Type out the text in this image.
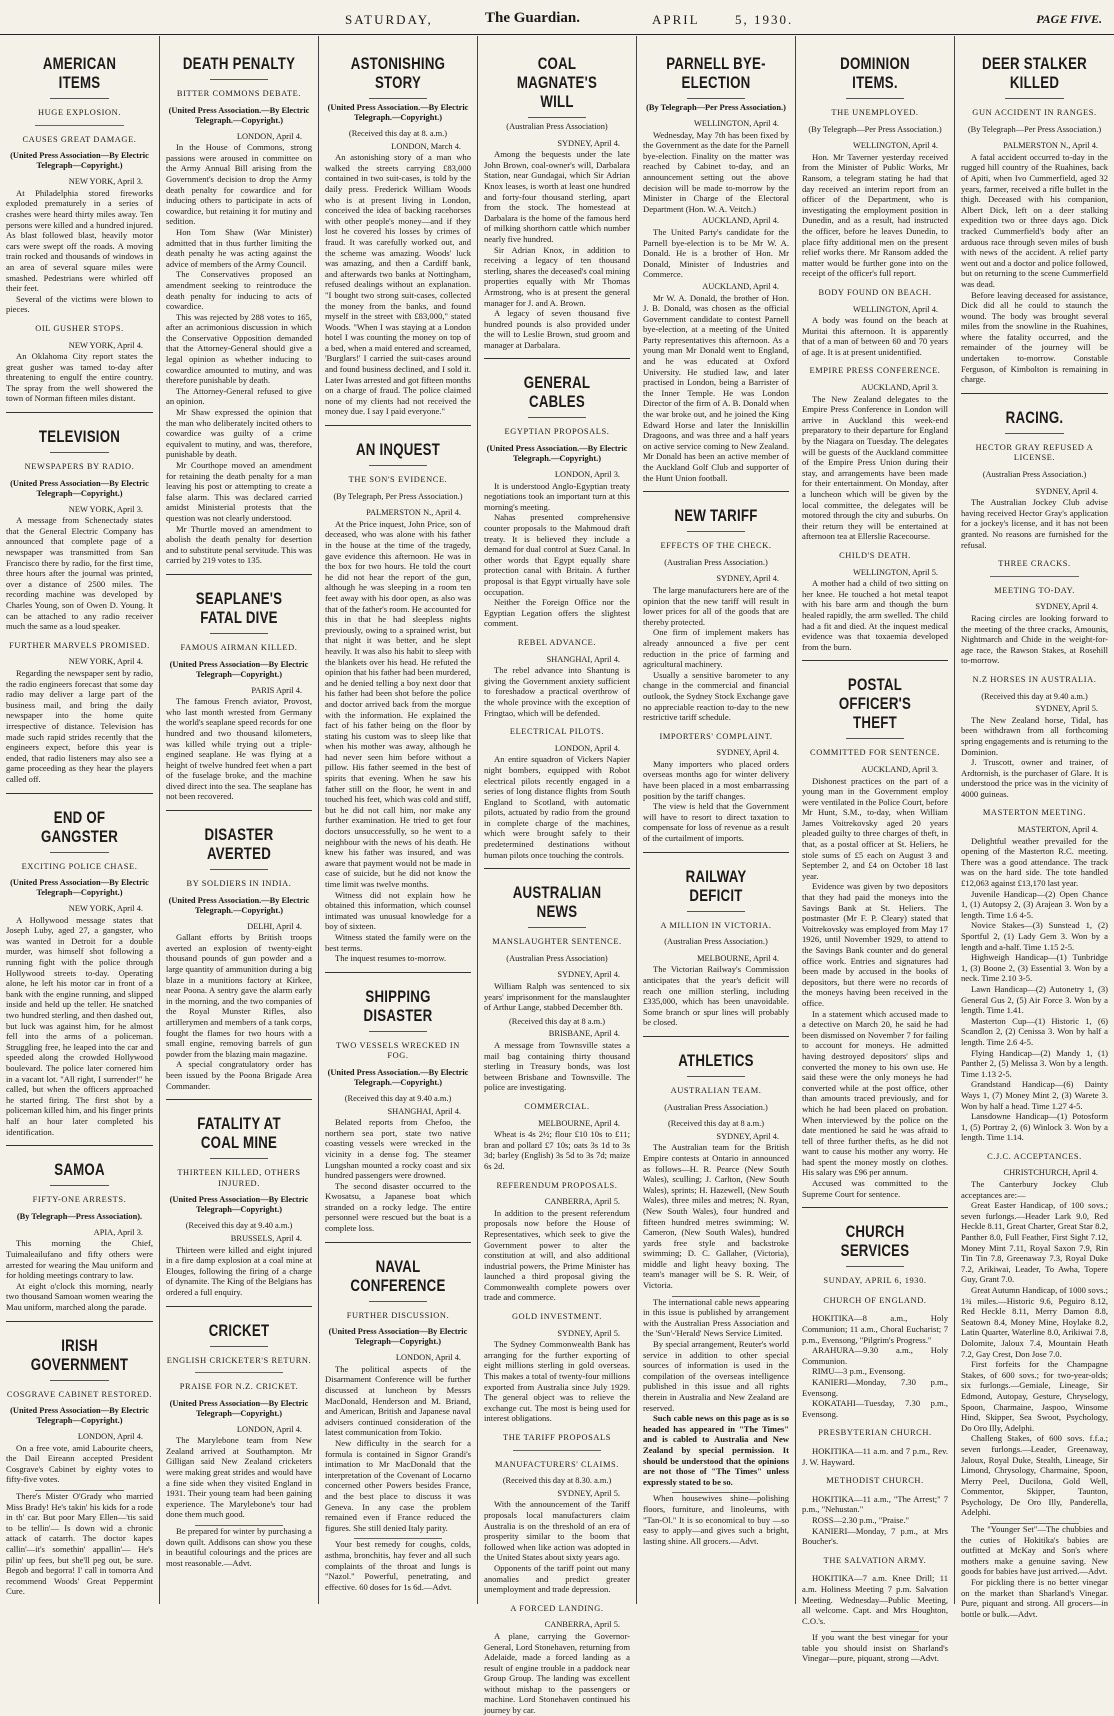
SATURDAY,	The Guardian.	APRIL	5, 1930.	PAGE FIVE.
AMERICAN ITEMS
HUGE EXPLOSION.
CAUSES GREAT DAMAGE.
(United Press Association—By Electric Telegraph—Copyright.)
NEW YORK, April 3.

At Philadelphia stored fireworks exploded prematurely in a series of crashes were heard thirty miles away. Ten persons were killed and a hundred injured. As blast followed blast, heavily motor cars were swept off the roads. A moving train rocked and thousands of windows in an area of several square miles were smashed. Pedestrians were whirled off their feet.

Several of the victims were blown to pieces.

OIL GUSHER STOPS.
NEW YORK, April 4.

An Oklahoma City report states the great gusher was tamed to-day after threatening to engulf the entire country. The spray from the well showered the town of Norman fifteen miles distant.

TELEVISION
NEWSPAPERS BY RADIO.
(United Press Association—By Electric Telegraph—Copyright.)
NEW YORK, April 3.

A message from Schenectady states that the General Electric Company has announced that complete page of a newspaper was transmitted from San Francisco there by radio, for the first time, three hours after the journal was printed, over a distance of 2500 miles. The recording machine was developed by Charles Young, son of Owen D. Young. It can be attached to any radio receiver much the same as a loud speaker.

FURTHER MARVELS PROMISED.
NEW YORK, April 4.

Regarding the newspaper sent by radio, the radio engineers forecast that some day radio may deliver a large part of the business mail, and bring the daily newspaper into the home quite irrespective of distance. Television has made such rapid strides recently that the engineers expect, before this year is ended, that radio listeners may also see a game proceeding as they hear the players called off.

END OF GANGSTER
EXCITING POLICE CHASE.
(United Press Association—By Electric Telegraph—Copyright.)
NEW YORK, April 4.

A Hollywood message states that Joseph Luby, aged 27, a gangster, who was wanted in Detroit for a double murder, was himself shot following a running fight with the police through Hollywood streets to-day. Operating alone, he left his motor car in front of a bank with the engine running, and slipped inside and held up the teller. He snatched two hundred sterling, and then dashed out, but luck was against him, for he almost fell into the arms of a policeman. Struggling free, he leaped into the car and speeded along the crowded Hollywood boulevard. The police later cornered him in a vacant lot. "All right, I surrender!" he called, but when the officers approached he started firing. The first shot by a policeman killed him, and his finger prints half an hour later completed his identification.

SAMOA
FIFTY-ONE ARRESTS.
(By Telegraph—Press Association).
APIA, April 3.

This morning the Chief, Tuimaleailufano and fifty others were arrested for wearing the Mau uniform and for holding meetings contrary to law.

At eight o'clock this morning, nearly two thousand Samoan women wearing the Mau uniform, marched along the parade.

IRISH GOVERNMENT
COSGRAVE CABINET RESTORED.
(United Press Association—By Electric Telegraph—Copyright.)
LONDON, April 4.

On a free vote, amid Labourite cheers, the Dail Eireann accepted President Cosgrave's Cabinet by eighty votes to fifty-five votes.

There's Mister O'Grady who married Miss Brady! He's takin' his kids for a rode in th' car. But poor Mary Ellen—'tis said to be tellin'— Is down wid a chronic attack of catarrh. The doctor kapes callin'—it's somethin' appallin'— He's pilin' up fees, but she'll peg out, be sure. Begob and begorra! I' call in tomorra And recommend Woods' Great Peppermint Cure.

DEATH PENALTY
BITTER COMMONS DEBATE.
(United Press Association.—By Electric Telegraph.—Copyright.)
LONDON, April 4.

In the House of Commons, strong passions were aroused in committee on the Army Annual Bill arising from the Government's decision to drop the Army death penalty for cowardice and for inducing others to participate in acts of cowardice, but retaining it for mutiny and sedition.

Hon Tom Shaw (War Minister) admitted that in thus further limiting the death penalty he was acting against the advice of members of the Army Council.

The Conservatives proposed an amendment seeking to reintroduce the death penalty for inducing to acts of cowardice.

This was rejected by 288 votes to 165, after an acrimonious discussion in which the Conservative Opposition demanded that the Attorney-General should give a legal opinion as whether inducing to cowardice amounted to mutiny, and was therefore punishable by death.

The Attorney-General refused to give an opinion.

Mr Shaw expressed the opinion that the man who deliberately incited others to cowardice was guilty of a crime equivalent to mutiny, and was, therefore, punishable by death.

Mr Courthope moved an amendment for retaining the death penalty for a man leaving his post or attempting to create a false alarm. This was declared carried amidst Ministerial protests that the question was not clearly understood.

Mr Thurtle moved an amendment to abolish the death penalty for desertion and to substitute penal servitude. This was carried by 219 votes to 135.

SEAPLANE'S FATAL DIVE
FAMOUS AIRMAN KILLED.
(United Press Association—By Electric Telegraph—Copyright.)
PARIS April 4.

The famous French aviator, Provost, who last month wrested from Germany the world's seaplane speed records for one hundred and two thousand kilometers, was killed while trying out a triple-engined seaplane. He was flying at a height of twelve hundred feet when a part of the fuselage broke, and the machine dived direct into the sea. The seaplane has not been recovered.

DISASTER AVERTED
BY SOLDIERS IN INDIA.
(United Press Association.—By Electric Telegraph.—Copyright.)
DELHI, April 4.

Gallant efforts by British troops averted an explosion of twenty-eight thousand pounds of gun powder and a large quantity of ammunition during a big blaze in a munitions factory at Kirkee, near Poona. A sentry gave the alarm early in the morning, and the two companies of the Royal Munster Rifles, also artillerymen and members of a tank corps, fought the flames for two hours with a small engine, removing barrels of gun powder from the blazing main magazine.

A special congratulatory order has been issued by the Poona Brigade Area Commander.

FATALITY AT COAL MINE
THIRTEEN KILLED, OTHERS INJURED.
(United Press Association—By Electric Telegraph—Copyright.)
(Received this day at 9.40 a.m.)
BRUSSELS, April 4.

Thirteen were killed and eight injured in a fire damp explosion at a coal mine at Elouges, following the firing of a charge of dynamite. The King of the Belgians has ordered a full enquiry.

CRICKET
ENGLISH CRICKETER'S RETURN.
PRAISE FOR N.Z. CRICKET.
(United Press Association—By Electric Telegraph—Copyright.)
LONDON, April 4.

The Marylebone team from New Zealand arrived at Southampton. Mr Gilligan said New Zealand cricketers were making great strides and would have a fine side when they visited England in 1931. Their young team had been gaining experience. The Marylebone's tour had done them much good.

Be prepared for winter by purchasing a down quilt. Addisons can show you these in beautiful colourings and the prices are most reasonable.—Advt.

ASTONISHING STORY
(United Press Association.—By Electric Telegraph.—Copyright.)
(Received this day at 8. a.m.)
LONDON, March 4.

An astonishing story of a man who walked the streets carrying £83,000 contained in two suit-cases, is told by the daily press. Frederick William Woods who is at present living in London, conceived the idea of backing racehorses with other people's money—and if they lost he covered his losses by crimes of fraud. It was carefully worked out, and the scheme was amazing. Woods' luck was amazing, and then a Cardiff bank, and afterwards two banks at Nottingham, refused dealings without an explanation. "I bought two strong suit-cases, collected the money from the banks, and found myself in the street with £83,000," stated Woods. "When I was staying at a London hotel I was counting the money on top of a bed, when a maid entered and screamed, 'Burglars!' I carried the suit-cases around and found business declined, and I sold it. Later Iwas arrested and got fifteen months on a charge of fraud. The police claimed none of my clients had not received the money due. I say I paid everyone."

AN INQUEST
THE SON'S EVIDENCE.
(By Telegraph, Per Press Association.)
PALMERSTON N., April 4.

At the Price inquest, John Price, son of deceased, who was alone with his father in the house at the time of the tragedy, gave evidence this afternoon. He was in the box for two hours. He told the court he did not hear the report of the gun, although he was sleeping in a room ten feet away with his door open, as also was that of the father's room. He accounted for this in that he had sleepless nights previously, owing to a sprained wrist, but that night it was better, and he slept heavily. It was also his habit to sleep with the blankets over his head. He refuted the opinion that his father had been murdered, and he denied telling a boy next door that his father had been shot before the police and doctor arrived back from the morgue with the information. He explained the fact of his father being on the floor by stating his custom was to sleep like that when his mother was away, although he had never seen him before without a pillow. His father seemed in the best of spirits that evening. When he saw his father still on the floor, he went in and touched his feet, which was cold and stiff, but he did not call him, nor make any further examination. He tried to get four doctors unsuccessfully, so he went to a neighbour with the news of his death. He knew his father was insured, and was aware that payment would not be made in case of suicide, but he did not know the time limit was twelve months.

Witness did not explain how he obtained this information, which counsel intimated was unusual knowledge for a boy of sixteen.

Witness stated the family were on the best terms.

The inquest resumes to-morrow.

SHIPPING DISASTER
TWO VESSELS WRECKED IN FOG.
(United Press Association.—By Electric Telegraph.—Copyright.)
(Received this day at 9.40 a.m.)
SHANGHAI, April 4.

Belated reports from Chefoo, the northern sea port, state two native coasting vessels were wrecked in the vicinity in a dense fog. The steamer Lungshan mounted a rocky coast and six hundred passengers were drowned.

The second disaster occurred to the Kwosatsu, a Japanese boat which stranded on a rocky ledge. The entire personnel were rescued but the boat is a complete loss.

NAVAL CONFERENCE
FURTHER DISCUSSION.
(United Press Association—By Electric Telegraph—Copyright.)
LONDON, April 4.

The political aspects of the Disarmament Conference will be further discussed at luncheon by Messrs MacDonald, Henderson and M. Briand, and American, British and Japanese naval advisers continued consideration of the latest communication from Tokio.

New difficulty in the search for a formula is contained in Signor Grandi's intimation to Mr MacDonald that the interpretation of the Covenant of Locarno concerned other Powers besides France, and the best place to discuss it was Geneva. In any case the problem remained even if France reduced the figures. She still denied Italy parity.

Your best remedy for coughs, colds, asthma, bronchitis, hay fever and all such complaints of the throat and lungs is "Nazol." Powerful, penetrating, and effective. 60 doses for 1s 6d.—Advt.

COAL MAGNATE'S WILL
(Australian Press Association)
SYDNEY, April 4.

Among the bequests under the late John Brown, coal-owner's will, Darbalara Station, near Gundagai, which Sir Adrian Knox leases, is worth at least one hundred and forty-four thousand sterling, apart from the stock. The homestead at Darbalara is the home of the famous herd of milking shorthorn cattle which number nearly five hundred.

Sir Adrian Knox, in addition to receiving a legacy of ten thousand sterling, shares the deceased's coal mining properties equally with Mr Thomas Armstrong, who is at present the general manager for J. and A. Brown.

A legacy of seven thousand five hundred pounds is also provided under the will to Leslie Brown, stud groom and manager at Darbalara.

GENERAL CABLES
EGYPTIAN PROPOSALS.
(United Press Association.—By Electric Telegraph.—Copyright.)
LONDON, April 3.

It is understood Anglo-Egyptian treaty negotiations took an important turn at this morning's meeting.

Nahas presented comprehensive counter proposals to the Mahmoud draft treaty. It is believed they include a demand for dual control at Suez Canal. In other words that Egypt equally share protection canal with Britain. A further proposal is that Egypt virtually have sole occupation.

Neither the Foreign Office nor the Egyptian Legation offers the slightest comment.

REBEL ADVANCE.
SHANGHAI, April 4.

The rebel advance into Shantung is giving the Government anxiety sufficient to foreshadow a practical overthrow of the whole province with the exception of Fringtao, which will be defended.

ELECTRICAL PILOTS.
LONDON, April 4.

An entire squadron of Vickers Napier night bombers, equipped with Robot electrical pilots recently engaged in a series of long distance flights from South England to Scotland, with automatic pilots, actuated by radio from the ground in complete charge of the machines, which were brought safely to their predetermined destinations without human pilots once touching the controls.

AUSTRALIAN NEWS
MANSLAUGHTER SENTENCE.
(Australian Press Association)
SYDNEY, April 4.

William Ralph was sentenced to six years' imprisonment for the manslaughter of Arthur Lange, stabbed December 8th.

(Received this day at 8 a.m.)
BRISBANE, April 4.

A message from Townsville states a mail bag containing thirty thousand sterling in Treasury bonds, was lost between Brisbane and Townsville. The police are investigating.

COMMERCIAL.
MELBOURNE, April 4.

Wheat is 4s 2½; flour £10 10s to £11; bran and pollard £7 10s; oats 3s 1d to 3s 3d; barley (English) 3s 5d to 3s 7d; maize 6s 2d.

REFERENDUM PROPOSALS.
CANBERRA, April 5.

In addition to the present referendum proposals now before the House of Representatives, which seek to give the Government power to alter the constitution at will, and also additional industrial powers, the Prime Minister has launched a third proposal giving the Commonwealth complete powers over trade and commerce.

GOLD INVESTMENT.
SYDNEY, April 5.

The Sydney Commonwealth Bank has arranging for the further exporting of eight millions sterling in gold overseas. This makes a total of twenty-four millions exported from Australia since July 1929. The general object was to relieve the exchange cut. The most is being used for interest obligations.

THE TARIFF PROPOSALS
MANUFACTURERS' CLAIMS.
(Received this day at 8.30. a.m.)
SYDNEY, April 5.

With the announcement of the Tariff proposals local manufacturers claim Australia is on the threshold of an era of prosperity similar to the boom that followed when like action was adopted in the United States about sixty years ago.

Opponents of the tariff point out many anomalies and predict greater unemployment and trade depression.

A FORCED LANDING.
CANBERRA, April 5.

A plane, carrying the Governor-General, Lord Stonehaven, returning from Adelaide, made a forced landing as a result of engine trouble in a paddock near Group Group. The landing was excellent without mishap to the passengers or machine. Lord Stonehaven continued his journey by car.

PARNELL BYE-ELECTION
(By Telegraph—Per Press Association.)
WELLINGTON, April 4.

Wednesday, May 7th has been fixed by the Government as the date for the Parnell bye-election. Finality on the matter was reached by Cabinet to-day, and an announcement setting out the above decision will be made to-morrow by the Minister in Charge of the Electoral Department (Hon. W. A. Veitch.)

AUCKLAND, April 4.

The United Party's candidate for the Parnell bye-election is to be Mr W. A. Donald. He is a brother of Hon. Mr Donald, Minister of Industries and Commerce.

AUCKLAND, April 4.

Mr W. A. Donald, the brother of Hon. J. B. Donald, was chosen as the official Government candidate to contest Parnell bye-election, at a meeting of the United Party representatives this afternoon. As a young man Mr Donald went to England, and he was educated at Oxford University. He studied law, and later practised in London, being a Barrister of the Inner Temple. He was London Director of the firm of A. B. Donald when the war broke out, and he joined the King Edward Horse and later the Inniskillin Dragoons, and was three and a half years on active service coming to New Zealand. Mr Donald has been an active member of the Auckland Golf Club and supporter of the Hunt Union football.

NEW TARIFF
EFFECTS OF THE CHECK.
(Australian Press Association.)
SYDNEY, April 4.

The large manufacturers here are of the opinion that the new tariff will result in lower prices for all of the goods that are thereby protected.

One firm of implement makers has already announced a five per cent reduction in the price of farming and agricultural machinery.

Usually a sensitive barometer to any change in the commercial and financial outlook, the Sydney Stock Exchange gave no appreciable reaction to-day to the new restrictive tariff schedule.

IMPORTERS' COMPLAINT.
SYDNEY, April 4.

Many importers who placed orders overseas months ago for winter delivery have been placed in a most embarrassing position by the tariff changes.

The view is held that the Government will have to resort to direct taxation to compensate for loss of revenue as a result of the curtailment of imports.

RAILWAY DEFICIT
A MILLION IN VICTORIA.
(Australian Press Association.)
MELBOURNE, April 4.

The Victorian Railway's Commission anticipates that the year's deficit will reach one million sterling, including £335,000, which has been unavoidable. Some branch or spur lines will probably be closed.

ATHLETICS
AUSTRALIAN TEAM.
(Australian Press Association.)
(Received this day at 8 a.m.)
SYDNEY, April 4.

The Australian team for the British Empire contests at Ontario in announced as follows—H. R. Pearce (New South Wales), sculling; J. Carlton, (New South Wales), sprints; H. Hazewell, (New South Wales), three miles and metres; N. Ryan, (New South Wales), four hundred and fifteen hundred metres swimming; W. Cameron, (New South Wales), hundred yards free style and backstroke swimming; D. C. Gallaher, (Victoria), middle and light heavy boxing. The team's manager will be S. R. Weir, of Victoria.

The international cable news appearing in this issue is published by arrangement with the Australian Press Association and the 'Sun'-'Herald' News Service Limited.

By special arrangement, Reuter's world service in addition to other special sources of information is used in the compilation of the overseas intelligence published in this issue and all rights therein in Australia and New Zealand are reserved.

Such cable news on this page as is so headed has appeared in "The Times" and is cabled to Australia and New Zealand by special permission. It should be understood that the opinions are not those of "The Times" unless expressly stated to be so.

When housewives shine—polishing floors, furniture, and linoleums, with "Tan-Ol." It is so economical to buy —so easy to apply—and gives such a bright, lasting shine. All grocers.—Advt.

DOMINION ITEMS.
THE UNEMPLOYED.
(By Telegraph—Per Press Association.)
WELLINGTON, April 4.

Hon. Mr Taverner yesterday received from the Minister of Public Works, Mr Ransom, a telegram stating he had that day received an interim report from an officer of the Department, who is investigating the employment position in Dunedin, and as a result, had instructed the officer, before he leaves Dunedin, to place fifty additional men on the present relief works there. Mr Ransom added the matter would be further gone into on the receipt of the officer's full report.

BODY FOUND ON BEACH.
WELLINGTON, April 4.

A body was found on the beach at Muritai this afternoon. It is apparently that of a man of between 60 and 70 years of age. It is at present unidentified.

EMPIRE PRESS CONFERENCE.
AUCKLAND, April 3.

The New Zealand delegates to the Empire Press Conference in London will arrive in Auckland this week-end preparatory to their departure for England by the Niagara on Tuesday. The delegates will be guests of the Auckland committee of the Empire Press Union during their stay, and arrangements have been made for their entertainment. On Monday, after a luncheon which will be given by the local committee, the delegates will be motored through the city and suburbs. On their return they will be entertained at afternoon tea at Ellerslie Racecourse.

CHILD'S DEATH.
WELLINGTON, April 5.

A mother had a child of two sitting on her knee. He touched a hot metal teapot with his bare arm and though the burn healed rapidly, the arm swelled. The child had a fit and died. At the inquest medical evidence was that toxaemia developed from the burn.

POSTAL OFFICER'S THEFT
COMMITTED FOR SENTENCE.
AUCKLAND, April 3.

Dishonest practices on the part of a young man in the Government employ were ventilated in the Police Court, before Mr Hunt, S.M., to-day, when William James Voitrekovsky aged 20 years pleaded guilty to three charges of theft, in that, as a postal officer at St. Heliers, he stole sums of £5 each on August 3 and September 2, and £4 on October 18 last year.

Evidence was given by two depositors that they had paid the moneys into the Savings Bank at St. Heliers. The postmaster (Mr F. P. Cleary) stated that Voitrekovsky was employed from May 17 1926, until November 1929, to attend to the Savings Bank counter and do general office work. Entries and signatures had been made by accused in the books of depositors, but there were no records of the moneys having been received in the office.

In a statement which accused made to a detective on March 20, he said he had been dismissed on November 7 for failing to account for moneys. He admitted having destroyed depositors' slips and converted the money to his own use. He said these were the only moneys he had converted while at the post office, other than amounts traced previously, and for which he had been placed on probation. When interviewed by the police on the date mentioned he said he was afraid to tell of three further thefts, as he did not want to cause his mother any worry. He had spent the money mostly on clothes. His salary was £96 per annum.

Accused was committed to the Supreme Court for sentence.

CHURCH SERVICES
SUNDAY, APRIL 6, 1930.
CHURCH OF ENGLAND.

HOKITIKA—8 a.m., Holy Communion; 11 a.m., Choral Eucharist; 7 p.m., Evensong, "Pilgrim's Progress."

ARAHURA—9.30 a.m., Holy Communion.

RIMU—3 p.m., Evensong.

KANIERI—Monday, 7.30 p.m., Evensong.

KOKATAHI—Tuesday, 7.30 p.m., Evensong.

PRESBYTERIAN CHURCH.

HOKITIKA—11 a.m. and 7 p.m., Rev. J. W. Hayward.

METHODIST CHURCH.

HOKITIKA—11 a.m., "The Arrest;" 7 p.m., "Nehustan."

ROSS—2.30 p.m., "Praise."

KANIERI—Monday, 7 p.m., at Mrs Boucher's.

THE SALVATION ARMY.

HOKITIKA—7 a.m. Knee Drill; 11 a.m. Holiness Meeting 7 p.m. Salvation Meeting. Wednesday—Public Meeting, all welcome. Capt. and Mrs Houghton, C.O.'s.

If you want the best vinegar for your table you should insist on Sharland's Vinegar—pure, piquant, strong —Advt.

DEER STALKER KILLED
GUN ACCIDENT IN RANGES.
(By Telegraph—Per Press Association.)
PALMERSTON N., April 4.

A fatal accident occurred to-day in the rugged hill country of the Ruahines, back of Apiti, when Ivo Cummerfield, aged 32 years, farmer, received a rifle bullet in the thigh. Deceased with his companion, Albert Dick, left on a deer stalking expedition two or three days ago. Dick tracked Cummerfield's body after an arduous race through seven miles of bush with news of the accident. A relief party went out and a doctor and police followed, but on returning to the scene Cummerfield was dead.

Before leaving deceased for assistance, Dick did all he could to staunch the wound. The body was brought several miles from the snowline in the Ruahines, where the fatality occurred, and the remainder of the journey will be undertaken to-morrow. Constable Ferguson, of Kimbolton is remaining in charge.

RACING.
HECTOR GRAY REFUSED A LICENSE.
(Australian Press Association.)
SYDNEY, April 4.

The Australian Jockey Club advise having received Hector Gray's application for a jockey's license, and it has not been granted. No reasons are furnished for the refusal.

THREE CRACKS.
MEETING TO-DAY.
SYDNEY, April 4.

Racing circles are looking forward to the meeting of the three cracks, Amounis, Nightmarch and Chide in the weight-for-age race, the Rawson Stakes, at Rosehill to-morrow.

N.Z HORSES IN AUSTRALIA.
(Received this day at 9.40 a.m.)
SYDNEY, April 5.

The New Zealand horse, Tidal, has been withdrawn from all forthcoming spring engagements and is returning to the Dominion.

J. Truscott, owner and trainer, of Ardtornish, is the purchaser of Glare. It is understood the price was in the vicinity of 4000 guineas.

MASTERTON MEETING.
MASTERTON, April 4.

Delightful weather prevailed for the opening of the Masterton R.C. meeting. There was a good attendance. The track was on the hard side. The tote handled £12,063 against £13,170 last year.

Juvenile Handicap—(2) Open Chance 1, (1) Autopsy 2, (3) Arajean 3. Won by a length. Time 1.6 4-5.

Novice Stakes—(3) Sunstead 1, (2) Sportful 2, (1) Lady Gem 3. Won by a length and a-half. Time 1.15 2-5.

Highweigh Handicap—(1) Tunbridge 1, (3) Boone 2, (3) Essential 3. Won by a neck. Time 2.10 3-5.

Lawn Handicap—(2) Autonetry 1, (3) General Gus 2, (5) Air Force 3. Won by a length. Time 1.41.

Masterton Cup—(1) Historic 1, (6) Scandlon 2, (2) Cenissa 3. Won by half a length. Time 2.6 4-5.

Flying Handicap—(2) Mandy 1, (1) Panther 2, (5) Melissa 3. Won by a length. Time 1.13 2-5.

Grandstand Handicap—(6) Dainty Ways 1, (7) Money Mint 2, (3) Warete 3. Won by half a head. Time 1.27 4-5.

Lansdowne Handicap—(1) Potosform 1, (5) Portray 2, (6) Winlock 3. Won by a length. Time 1.14.

C.J.C. ACCEPTANCES.
CHRISTCHURCH, April 4.

The Canterbury Jockey Club acceptances are:—

Great Easter Handicap, of 100 sovs.; seven furlongs.—Header Lark 9.0, Red Heckle 8.11, Great Charter, Great Star 8.2, Panther 8.0, Full Feather, First Sight 7.12, Money Mint 7.11, Royal Saxon 7.9, Rin Tin Tin 7.8, Greenaway 7.3, Royal Duke 7.2, Arikiwai, Leader, To Awha, Topere Guy, Grant 7.0.

Great Autumn Handicap, of 1000 sovs.; 1¾ miles.—Historic 9.6, Peguiro 8.12, Red Heckle 8.11, Merry Damon 8.8, Seatown 8.4, Money Mine, Hoylake 8.2, Latin Quarter, Waterline 8.0, Arikiwai 7.8, Dolomite, Jaloux 7.4, Mountain Heath 7.2, Gay Crest, Don Jose 7.0.

First forfeits for the Champagne Stakes, of 600 sovs.; for two-year-olds; six furlongs.—Gemiale, Lineage, Sir Edmond, Autopay, Gesture, Chryselogy, Spoon, Charmaine, Jaspoo, Winsome Hind, Skipper, Sea Swoot, Psychology, Do Oro Illy, Adelphi.

Challeng Stakes, of 600 sovs. f.f.a.; seven furlongs.—Leader, Greenaway, Jaloux, Royal Duke, Stealth, Lineage, Sir Limond, Chrysology, Charmaine, Spoon, Merry Peel, Ducilona, Gold Well, Commentor, Skipper, Taunton, Psychology, De Oro Illy, Panderella, Adelphi.

The "Younger Set"—The chubbies and the cuties of Hokitika's babies are outfitted at McKay and Son's where mothers make a genuine saving. New goods for babies have just arrived.—Advt.

For pickling there is no better vinegar on the market than Sharland's Vinegar. Pure, piquant and strong. All grocers—in bottle or bulk.—Advt.
